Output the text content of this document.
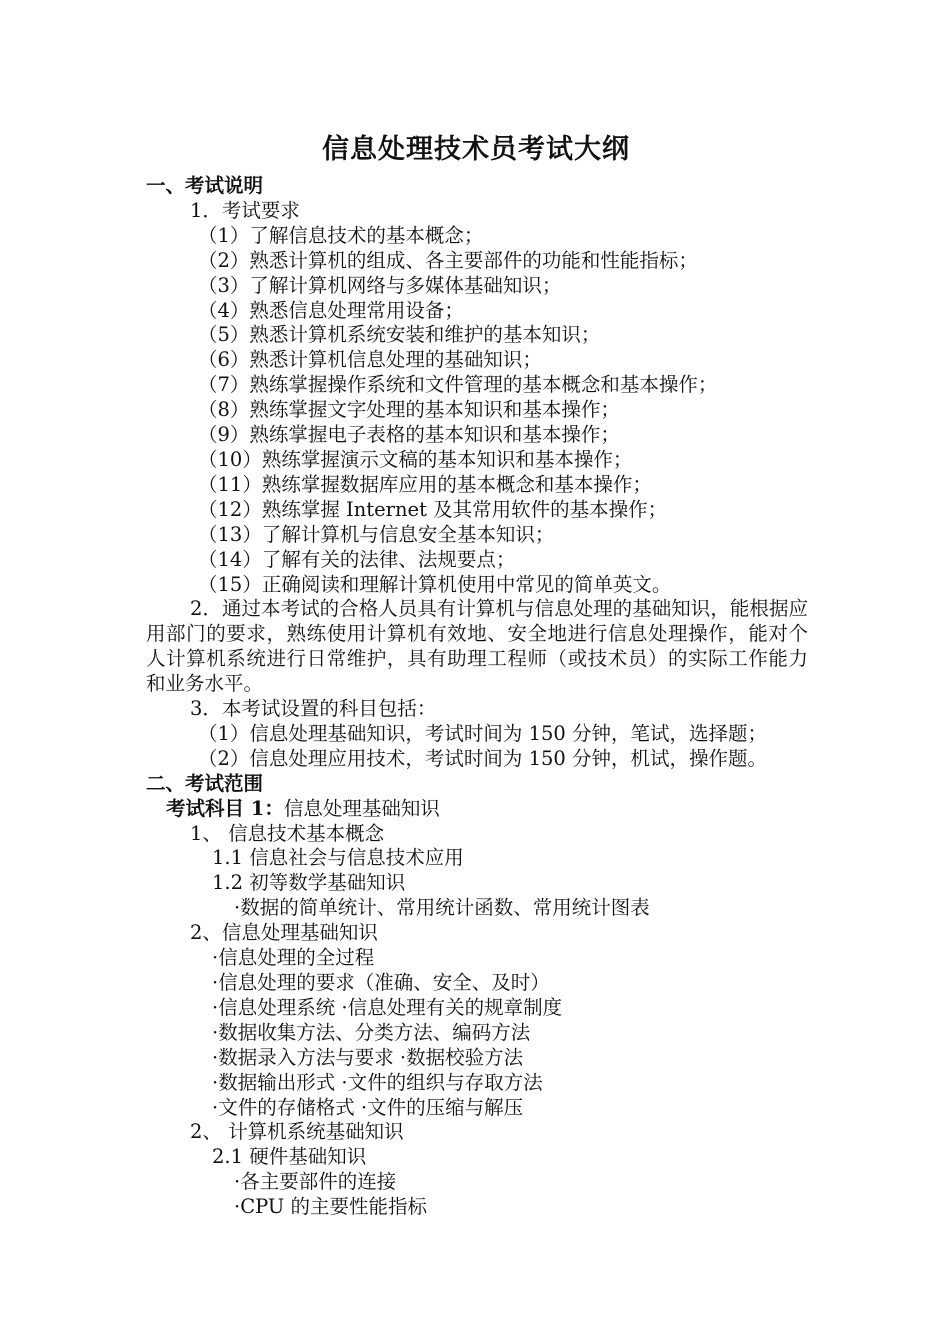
信息处理技术员考试大纲
一、考试说明
1．考试要求
（1）了解信息技术的基本概念；
（2）熟悉计算机的组成、各主要部件的功能和性能指标；
（3）了解计算机网络与多媒体基础知识；
（4）熟悉信息处理常用设备；
（5）熟悉计算机系统安装和维护的基本知识；
（6）熟悉计算机信息处理的基础知识；
（7）熟练掌握操作系统和文件管理的基本概念和基本操作；
（8）熟练掌握文字处理的基本知识和基本操作；
（9）熟练掌握电子表格的基本知识和基本操作；
（10）熟练掌握演示文稿的基本知识和基本操作；
（11）熟练掌握数据库应用的基本概念和基本操作；
（12）熟练掌握 Internet 及其常用软件的基本操作；
（13）了解计算机与信息安全基本知识；
（14）了解有关的法律、法规要点；
（15）正确阅读和理解计算机使用中常见的简单英文。
2．通过本考试的合格人员具有计算机与信息处理的基础知识，能根据应用部门的要求，熟练使用计算机有效地、安全地进行信息处理操作，能对个人计算机系统进行日常维护，具有助理工程师（或技术员）的实际工作能力和业务水平。
3．本考试设置的科目包括：
（1）信息处理基础知识，考试时间为 150 分钟，笔试，选择题；
（2）信息处理应用技术，考试时间为 150 分钟，机试，操作题。
二、考试范围
考试科目 1：信息处理基础知识
1、 信息技术基本概念
1.1 信息社会与信息技术应用
1.2 初等数学基础知识
·数据的简单统计、常用统计函数、常用统计图表
2、信息处理基础知识
·信息处理的全过程
·信息处理的要求（准确、安全、及时）
·信息处理系统 ·信息处理有关的规章制度
·数据收集方法、分类方法、编码方法
·数据录入方法与要求 ·数据校验方法
·数据输出形式 ·文件的组织与存取方法
·文件的存储格式 ·文件的压缩与解压
2、 计算机系统基础知识
2.1 硬件基础知识
·各主要部件的连接
·CPU 的主要性能指标
